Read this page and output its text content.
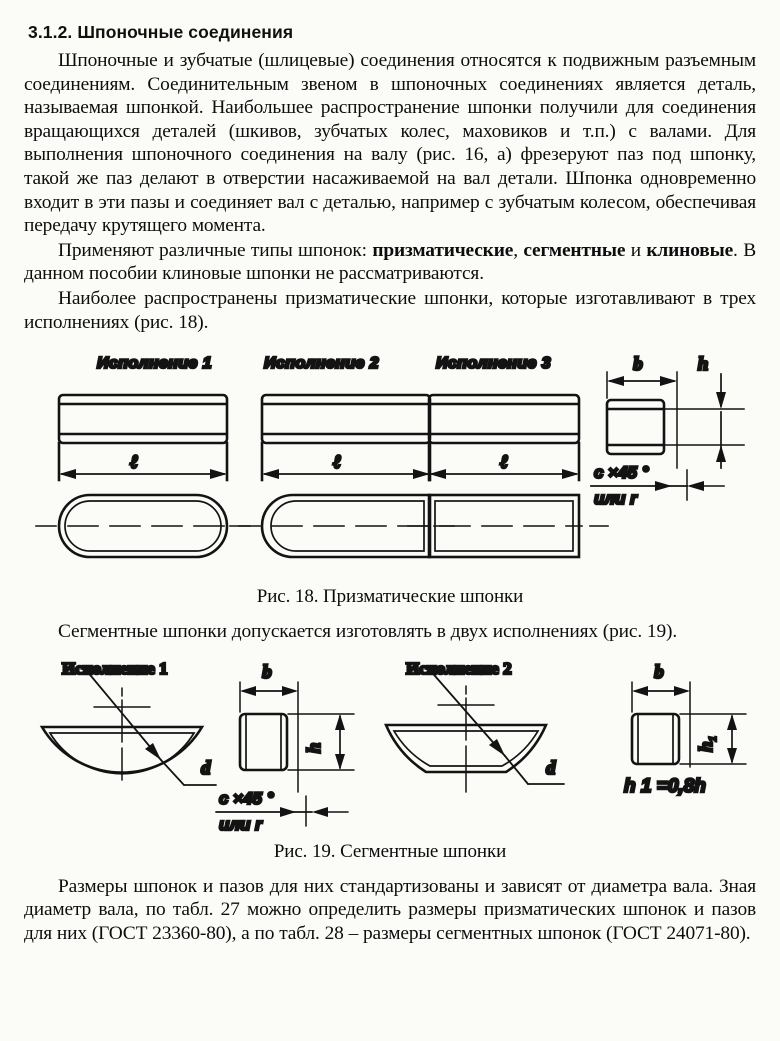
3.1.2. Шпоночные соединения

Шпоночные и зубчатые (шлицевые) соединения относятся к подвижным разъемным соединениям. Соединительным звеном в шпоночных соединениях является деталь, называемая шпонкой. Наибольшее распространение шпонки получили для соединения вращающихся деталей (шкивов, зубчатых колес, маховиков и т.п.) с валами. Для выполнения шпоночного соединения на валу (рис. 16, а) фрезеруют паз под шпонку, такой же паз делают в отверстии насаживаемой на вал детали. Шпонка одновременно входит в эти пазы и соединяет вал с деталью, например с зубчатым колесом, обеспечивая передачу крутящего момента.

Применяют различные типы шпонок: призматические, сегментные и клиновые. В данном пособии клиновые шпонки не рассматриваются.

Наиболее распространены призматические шпонки, которые изготавливают в трех исполнениях (рис. 18).

Исполнение 1
ℓ
Исполнение 2
ℓ
Исполнение 3
ℓ
b	h
c ×45 °
или r

Рис. 18. Призматические шпонки

Сегментные шпонки допускается изготовлять в двух исполнениях (рис. 19).

Исполнение 1
d
b
h
c ×45 °
или r
Исполнение 2
d
b
$h_1$
h 1 =0,8h

Рис. 19. Сегментные шпонки

Размеры шпонок и пазов для них стандартизованы и зависят от диаметра вала. Зная диаметр вала, по табл. 27 можно определить размеры призматических шпонок и пазов для них (ГОСТ 23360-80), а по табл. 28 – размеры сегментных шпонок (ГОСТ 24071-80).
